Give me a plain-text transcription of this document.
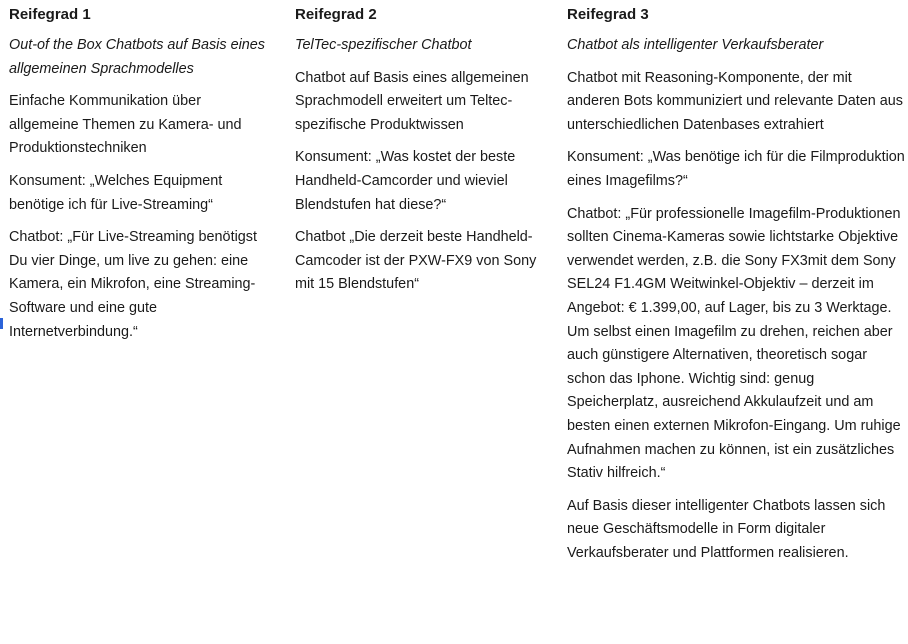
Reifegrad 1

Out-of the Box Chatbots auf Basis eines allgemeinen Sprachmodelles

Einfache Kommunikation über allgemeine Themen zu Kamera- und Produktionstechniken

Konsument: „Welches Equipment benötige ich für Live-Streaming“

Chatbot: „Für Live-Streaming benötigst Du vier Dinge, um live zu gehen: eine Kamera, ein Mikrofon, eine Streaming-Software und eine gute Internetverbindung.“

Reifegrad 2

TelTec-spezifischer Chatbot

Chatbot auf Basis eines allgemeinen Sprachmodell erweitert um Teltec-spezifische Produktwissen

Konsument: „Was kostet der beste Handheld-Camcorder und wieviel Blendstufen hat diese?“

Chatbot „Die derzeit beste Handheld-Camcoder ist der PXW-FX9 von Sony mit 15 Blendstufen“

Reifegrad 3

Chatbot als intelligenter Verkaufsberater

Chatbot mit Reasoning-Komponente, der mit anderen Bots kommuniziert und relevante Daten aus unterschiedlichen Datenbases extrahiert

Konsument: „Was benötige ich für die Filmproduktion eines Imagefilms?“

Chatbot: „Für professionelle Imagefilm-Produktionen sollten Cinema-Kameras sowie lichtstarke Objektive verwendet werden, z.B. die Sony FX3mit dem Sony SEL24 F1.4GM Weitwinkel-Objektiv – derzeit im Angebot: € 1.399,00, auf Lager, bis zu 3 Werktage. Um selbst einen Imagefilm zu drehen, reichen aber auch günstigere Alternativen, theoretisch sogar schon das Iphone. Wichtig sind: genug Speicherplatz, ausreichend Akkulaufzeit und am besten einen externen Mikrofon-Eingang. Um ruhige Aufnahmen machen zu können, ist ein zusätzliches Stativ hilfreich.“

Auf Basis dieser intelligenter Chatbots lassen sich neue Geschäftsmodelle in Form digitaler Verkaufsberater und Plattformen realisieren.
